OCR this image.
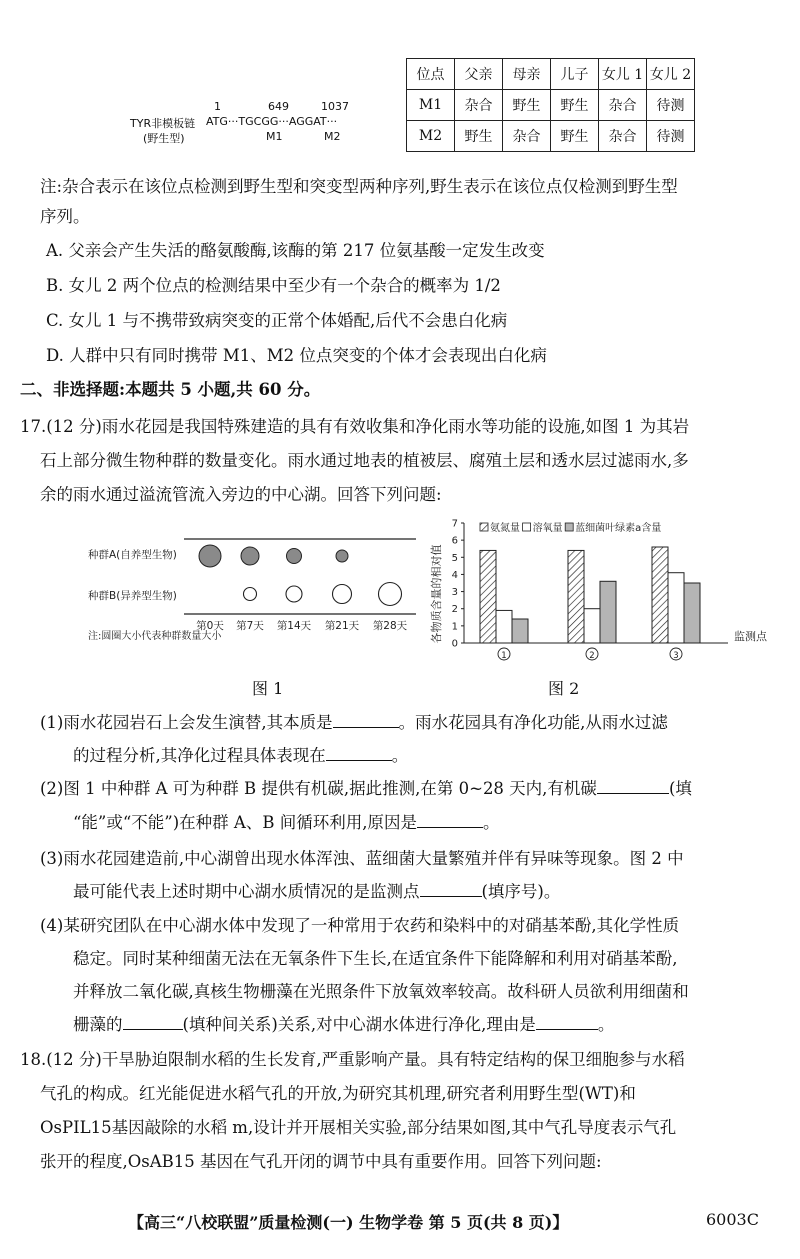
1	649	1037
TYR非模板链 ATG···TGCGG···AGGAT···
(野生型)	M1	M2
位点	父亲	母亲	儿子	女儿 1	女儿 2
M1	杂合	野生	野生	杂合	待测
M2	野生	杂合	野生	杂合	待测
注:杂合表示在该位点检测到野生型和突变型两种序列,野生表示在该位点仅检测到野生型
序列。
A. 父亲会产生失活的酪氨酸酶,该酶的第 217 位氨基酸一定发生改变
B. 女儿 2 两个位点的检测结果中至少有一个杂合的概率为 1/2
C. 女儿 1 与不携带致病突变的正常个体婚配,后代不会患白化病
D. 人群中只有同时携带 M1、M2 位点突变的个体才会表现出白化病
二、非选择题:本题共 5 小题,共 60 分。
17.(12 分)雨水花园是我国特殊建造的具有有效收集和净化雨水等功能的设施,如图 1 为其岩
石上部分微生物种群的数量变化。雨水通过地表的植被层、腐殖土层和透水层过滤雨水,多
余的雨水通过溢流管流入旁边的中心湖。回答下列问题:
种群A(自养型生物)
种群B(异养型生物)
注:圆圈大小代表种群数量大小
第0天 第7天 第14天 第21天 第28天 各物质含量的相对值
0
1
2
3
4
5
6
7
1	2	3
氨氮量 溶氧量 蓝细菌叶绿素a含量
监测点
图 1	图 2
(1)雨水花园岩石上会发生演替,其本质是	。雨水花园具有净化功能,从雨水过滤
的过程分析,其净化过程具体表现在	。
(2)图 1 中种群 A 可为种群 B 提供有机碳,据此推测,在第 0~28 天内,有机碳	(填
“能”或“不能”)在种群 A、B 间循环利用,原因是	。
(3)雨水花园建造前,中心湖曾出现水体浑浊、蓝细菌大量繁殖并伴有异味等现象。图 2 中
最可能代表上述时期中心湖水质情况的是监测点	(填序号)。
(4)某研究团队在中心湖水体中发现了一种常用于农药和染料中的对硝基苯酚,其化学性质
稳定。同时某种细菌无法在无氧条件下生长,在适宜条件下能降解和利用对硝基苯酚,
并释放二氧化碳,真核生物栅藻在光照条件下放氧效率较高。故科研人员欲利用细菌和
栅藻的	(填种间关系)关系,对中心湖水体进行净化,理由是	。
18.(12 分)干旱胁迫限制水稻的生长发育,严重影响产量。具有特定结构的保卫细胞参与水稻
气孔的构成。红光能促进水稻气孔的开放,为研究其机理,研究者利用野生型(WT)和
OsPIL15基因敲除的水稻 m,设计并开展相关实验,部分结果如图,其中气孔导度表示气孔
张开的程度,OsAB15 基因在气孔开闭的调节中具有重要作用。回答下列问题:
【高三“八校联盟”质量检测(一) 生物学卷 第 5 页(共 8 页)】	6003C
